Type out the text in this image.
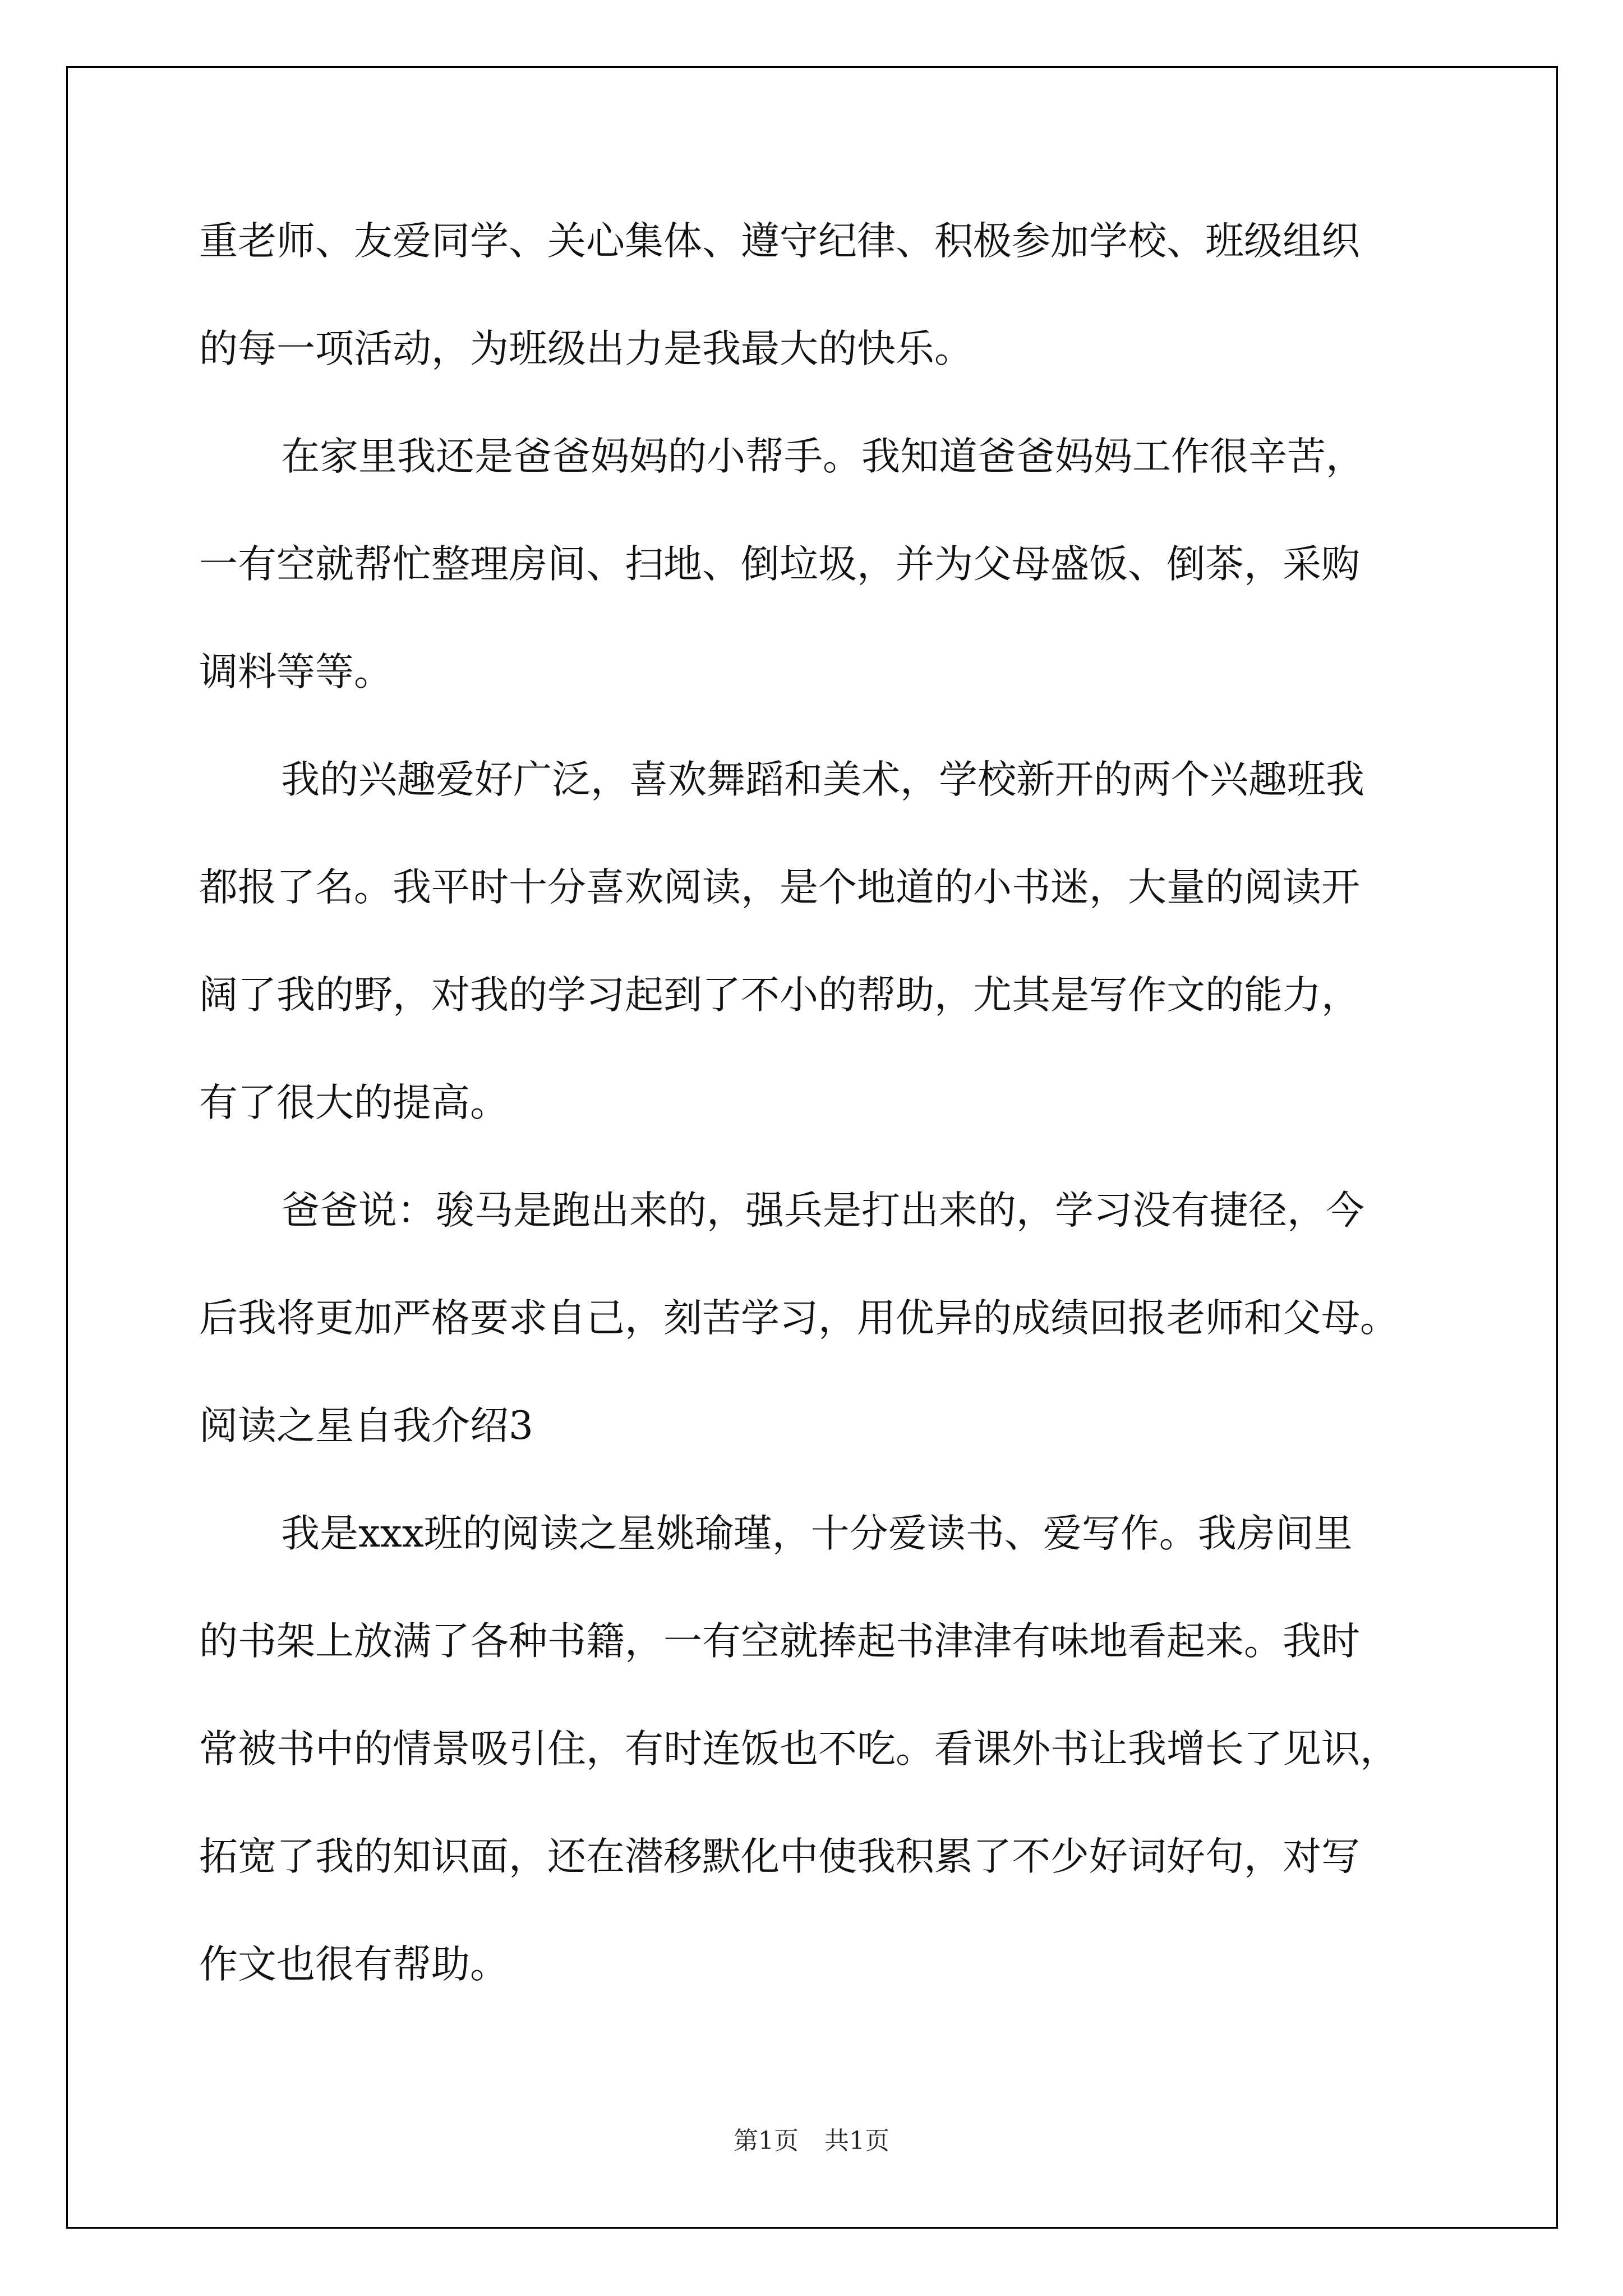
重老师、友爱同学、关心集体、遵守纪律、积极参加学校、班级组织
的每一项活动，为班级出力是我最大的快乐。
在家里我还是爸爸妈妈的小帮手。我知道爸爸妈妈工作很辛苦，
一有空就帮忙整理房间、扫地、倒垃圾，并为父母盛饭、倒茶，采购
调料等等。
我的兴趣爱好广泛，喜欢舞蹈和美术，学校新开的两个兴趣班我
都报了名。我平时十分喜欢阅读，是个地道的小书迷，大量的阅读开
阔了我的野，对我的学习起到了不小的帮助，尤其是写作文的能力，
有了很大的提高。
爸爸说：骏马是跑出来的，强兵是打出来的，学习没有捷径，今
后我将更加严格要求自己，刻苦学习，用优异的成绩回报老师和父母。
阅读之星自我介绍3
我是xxx班的阅读之星姚瑜瑾，十分爱读书、爱写作。我房间里
的书架上放满了各种书籍，一有空就捧起书津津有味地看起来。我时
常被书中的情景吸引住，有时连饭也不吃。看课外书让我增长了见识，
拓宽了我的知识面，还在潜移默化中使我积累了不少好词好句，对写
作文也很有帮助。
第1页 共1页
